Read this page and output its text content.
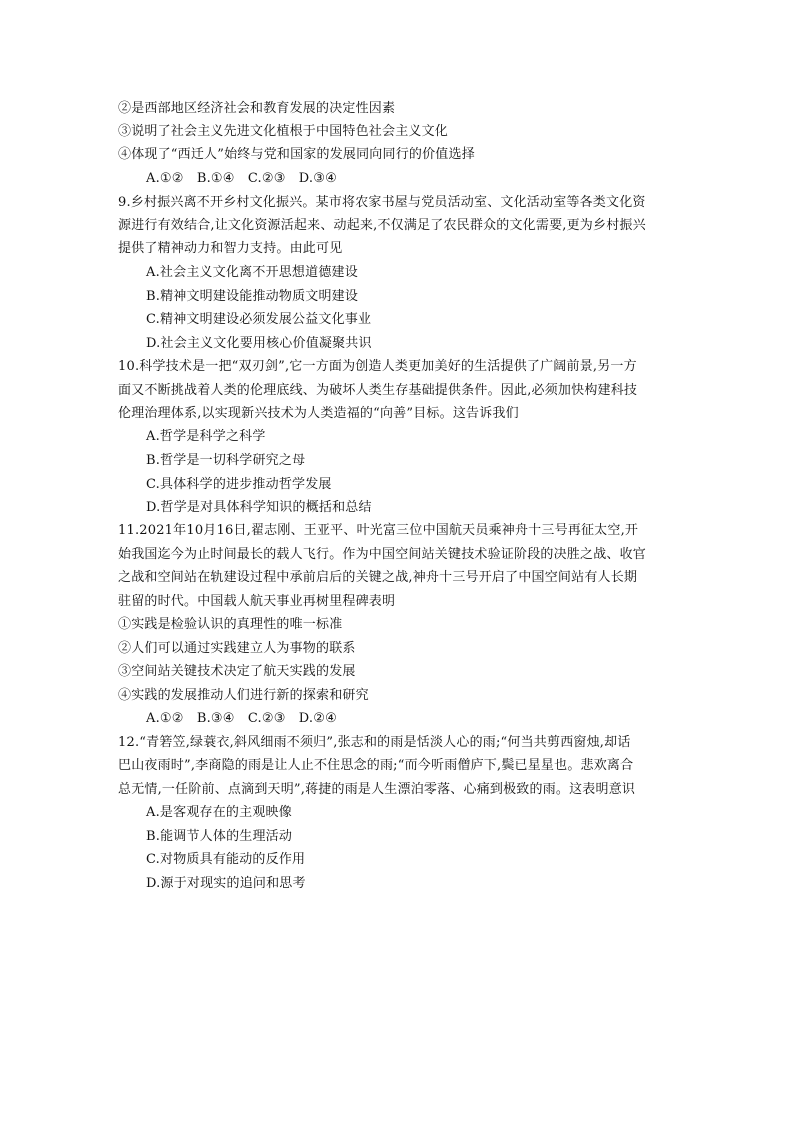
②是西部地区经济社会和教育发展的决定性因素
③说明了社会主义先进文化植根于中国特色社会主义文化
④体现了“西迁人”始终与党和国家的发展同向同行的价值选择
A.①②　B.①④　C.②③　D.③④
9.乡村振兴离不开乡村文化振兴。某市将农家书屋与党员活动室、文化活动室等各类文化资
源进行有效结合,让文化资源活起来、动起来,不仅满足了农民群众的文化需要,更为乡村振兴
提供了精神动力和智力支持。由此可见
A.社会主义文化离不开思想道德建设
B.精神文明建设能推动物质文明建设
C.精神文明建设必须发展公益文化事业
D.社会主义文化要用核心价值凝聚共识
10.科学技术是一把“双刃剑”,它一方面为创造人类更加美好的生活提供了广阔前景,另一方
面又不断挑战着人类的伦理底线、为破坏人类生存基础提供条件。因此,必须加快构建科技
伦理治理体系,以实现新兴技术为人类造福的“向善”目标。这告诉我们
A.哲学是科学之科学
B.哲学是一切科学研究之母
C.具体科学的进步推动哲学发展
D.哲学是对具体科学知识的概括和总结
11.2021年10月16日,翟志刚、王亚平、叶光富三位中国航天员乘神舟十三号再征太空,开
始我国迄今为止时间最长的载人飞行。作为中国空间站关键技术验证阶段的决胜之战、收官
之战和空间站在轨建设过程中承前启后的关键之战,神舟十三号开启了中国空间站有人长期
驻留的时代。中国载人航天事业再树里程碑表明
①实践是检验认识的真理性的唯一标准
②人们可以通过实践建立人为事物的联系
③空间站关键技术决定了航天实践的发展
④实践的发展推动人们进行新的探索和研究
A.①②　B.③④　C.②③　D.②④
12.“青箬笠,绿蓑衣,斜风细雨不须归”,张志和的雨是恬淡人心的雨;“何当共剪西窗烛,却话
巴山夜雨时”,李商隐的雨是让人止不住思念的雨;“而今听雨僧庐下,鬓已星星也。悲欢离合
总无情,一任阶前、点滴到天明”,蒋捷的雨是人生漂泊零落、心痛到极致的雨。这表明意识
A.是客观存在的主观映像
B.能调节人体的生理活动
C.对物质具有能动的反作用
D.源于对现实的追问和思考
